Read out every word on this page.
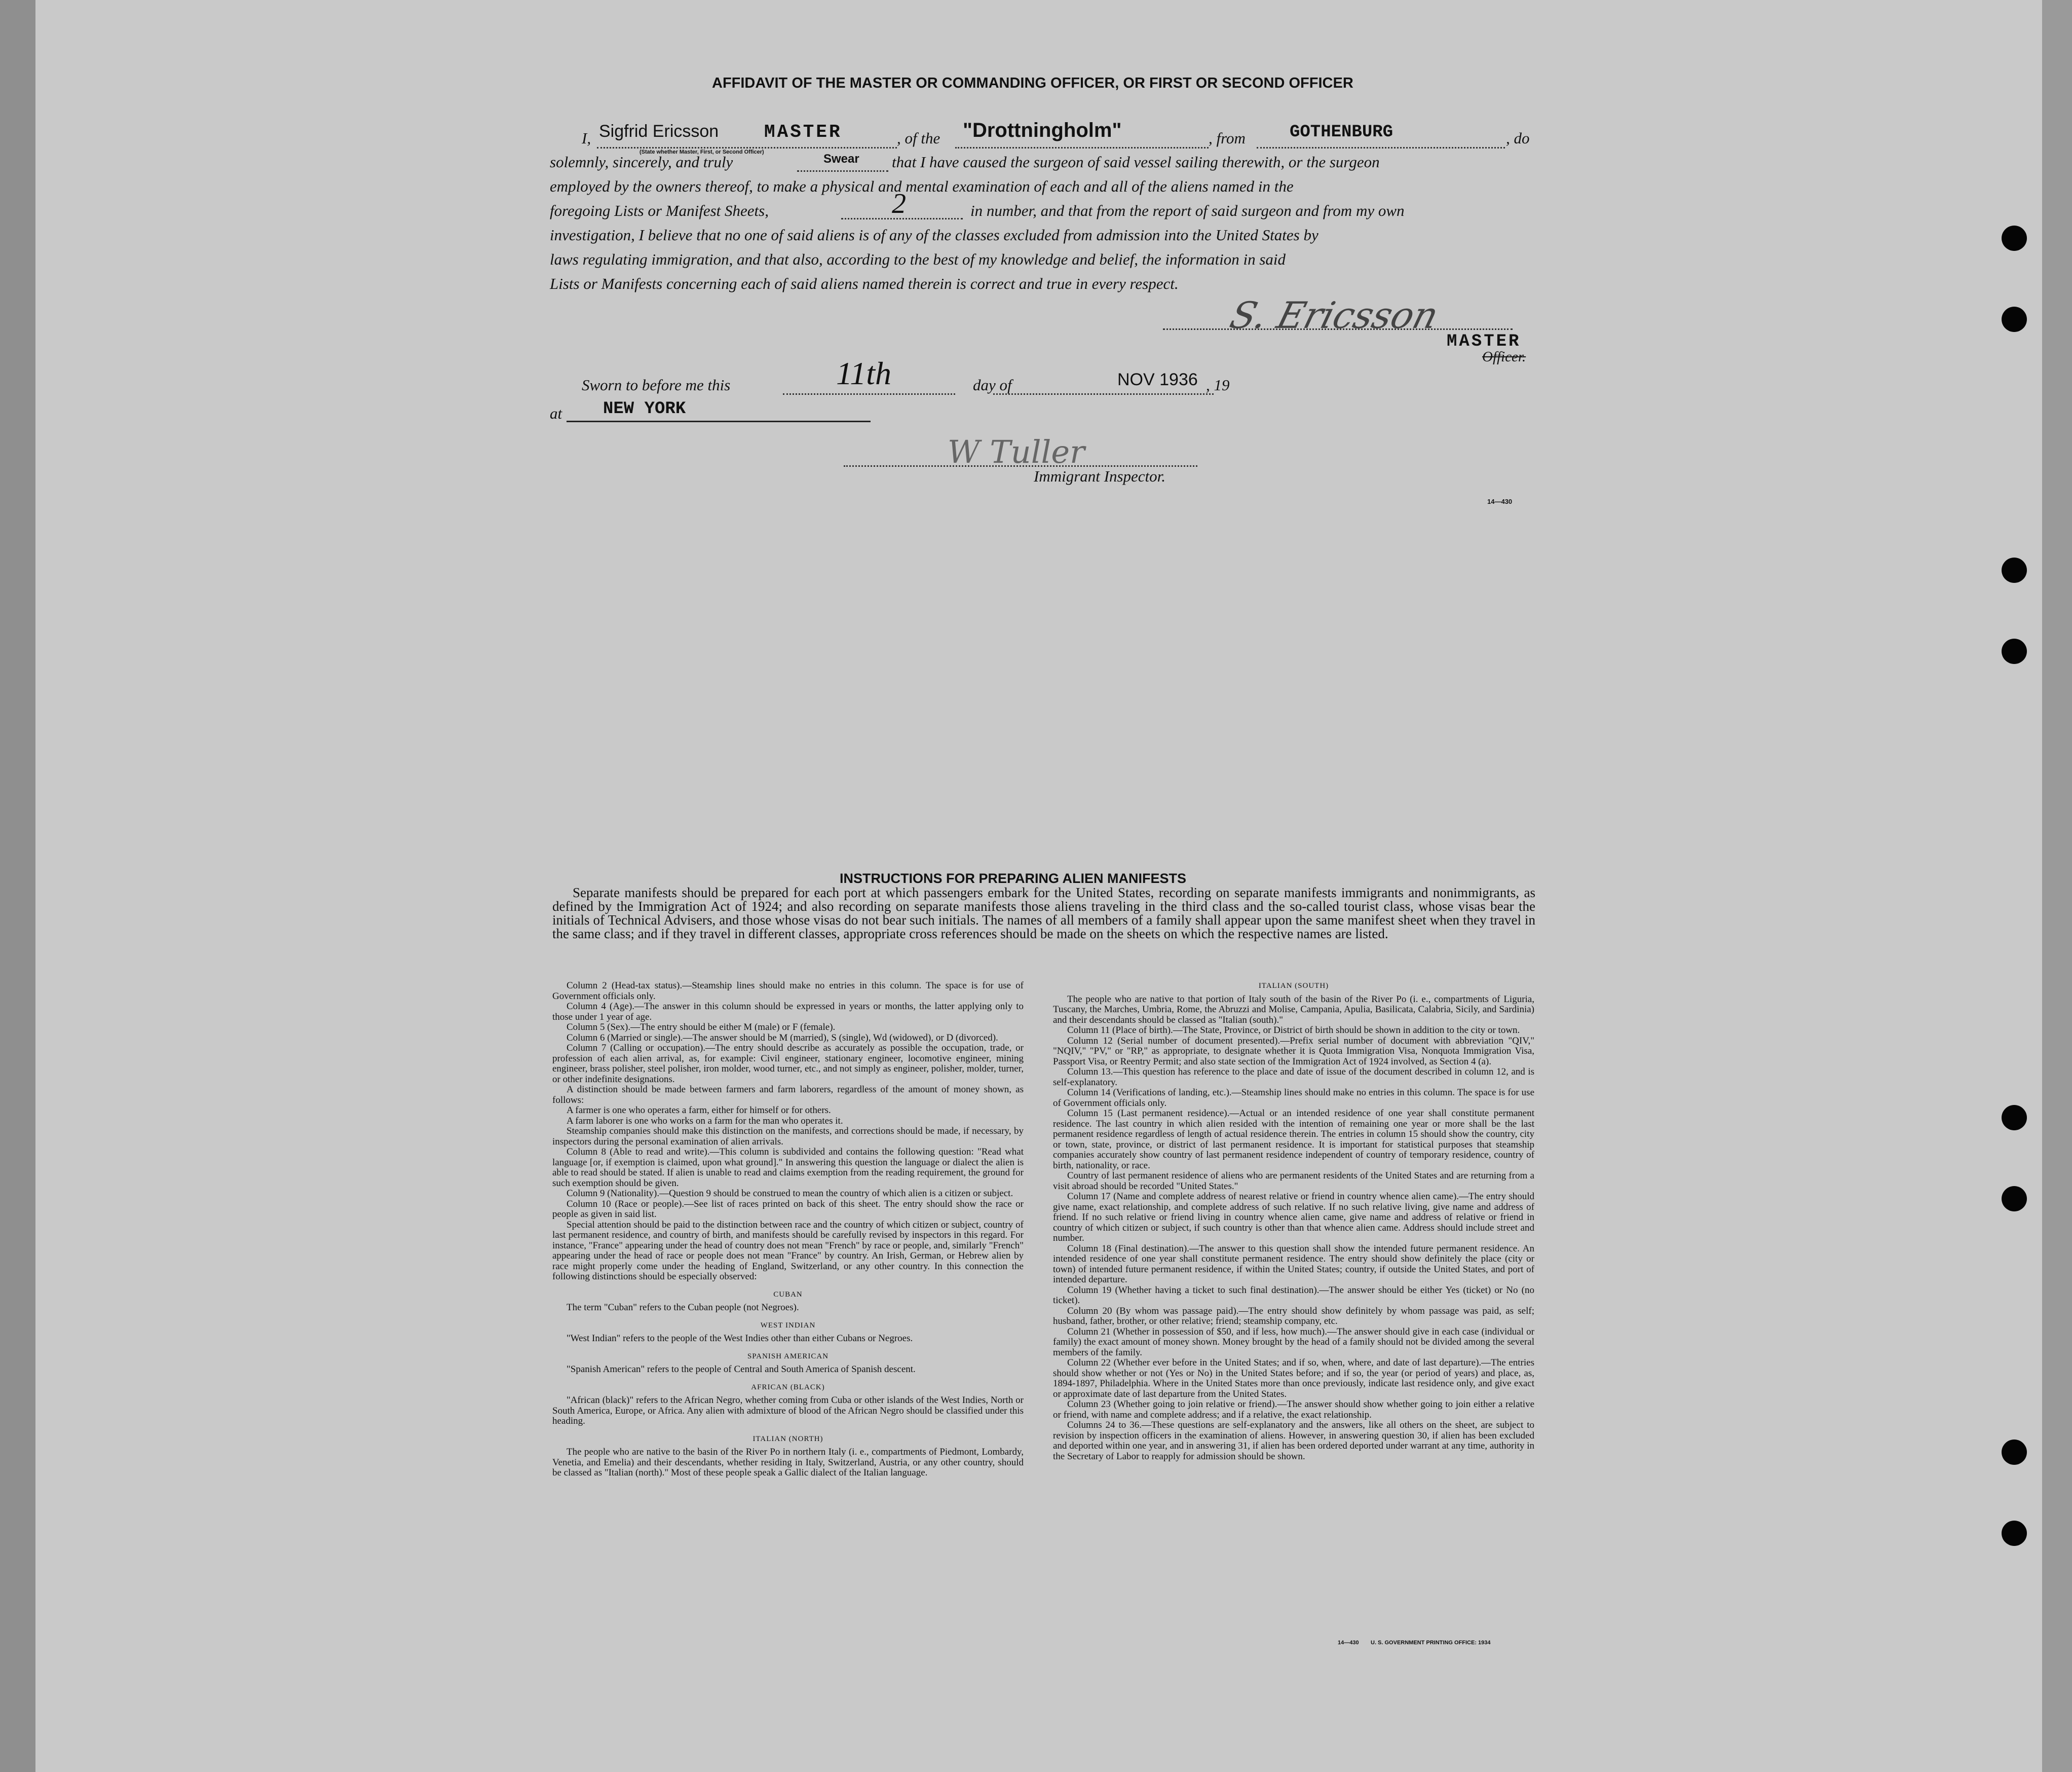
AFFIDAVIT OF THE MASTER OR COMMANDING OFFICER, OR FIRST OR SECOND OFFICER
I, Sigfrid Ericsson MASTER
(State whether Master, First, or Second Officer)
, of the "Drottningholm"	, from	GOTHENBURG	, do
solemnly, sincerely, and truly	Swear that I have caused the surgeon of said vessel sailing therewith, or the surgeon
employed by the owners thereof, to make a physical and mental examination of each and all of the aliens named in the
foregoing Lists or Manifest Sheets,	2	in number, and that from the report of said surgeon and from my own
investigation, I believe that no one of said aliens is of any of the classes excluded from admission into the United States by
laws regulating immigration, and that also, according to the best of my knowledge and belief, the information in said
Lists or Manifests concerning each of said aliens named therein is correct and true in every respect.
S. Ericsson
MASTER
Officer.
Sworn to before me this	11th	day of	NOV 1936 , 19
at NEW YORK
W Tuller
Immigrant Inspector.
14—430
INSTRUCTIONS FOR PREPARING ALIEN MANIFESTS
Separate manifests should be prepared for each port at which passengers embark for the United States, recording on separate manifests immigrants and nonimmigrants, as defined by the Immigration Act of 1924; and also recording on separate manifests those aliens traveling in the third class and the so-called tourist class, whose visas bear the initials of Technical Advisers, and those whose visas do not bear such initials. The names of all members of a family shall appear upon the same manifest sheet when they travel in the same class; and if they travel in different classes, appropriate cross references should be made on the sheets on which the respective names are listed.

Column 2 (Head-tax status).—Steamship lines should make no entries in this column. The space is for use of Government officials only.

Column 4 (Age).—The answer in this column should be expressed in years or months, the latter applying only to those under 1 year of age.

Column 5 (Sex).—The entry should be either M (male) or F (female).

Column 6 (Married or single).—The answer should be M (married), S (single), Wd (widowed), or D (divorced).

Column 7 (Calling or occupation).—The entry should describe as accurately as possible the occupation, trade, or profession of each alien arrival, as, for example: Civil engineer, stationary engineer, locomotive engineer, mining engineer, brass polisher, steel polisher, iron molder, wood turner, etc., and not simply as engineer, polisher, molder, turner, or other indefinite designations.

A distinction should be made between farmers and farm laborers, regardless of the amount of money shown, as follows:

A farmer is one who operates a farm, either for himself or for others.

A farm laborer is one who works on a farm for the man who operates it.

Steamship companies should make this distinction on the manifests, and corrections should be made, if necessary, by inspectors during the personal examination of alien arrivals.

Column 8 (Able to read and write).—This column is subdivided and contains the following question: "Read what language [or, if exemption is claimed, upon what ground]." In answering this question the language or dialect the alien is able to read should be stated. If alien is unable to read and claims exemption from the reading requirement, the ground for such exemption should be given.

Column 9 (Nationality).—Question 9 should be construed to mean the country of which alien is a citizen or subject.

Column 10 (Race or people).—See list of races printed on back of this sheet. The entry should show the race or people as given in said list.

Special attention should be paid to the distinction between race and the country of which citizen or subject, country of last permanent residence, and country of birth, and manifests should be carefully revised by inspectors in this regard. For instance, "France" appearing under the head of country does not mean "French" by race or people, and, similarly "French" appearing under the head of race or people does not mean "France" by country. An Irish, German, or Hebrew alien by race might properly come under the heading of England, Switzerland, or any other country. In this connection the following distinctions should be especially observed:

CUBAN

The term "Cuban" refers to the Cuban people (not Negroes).

WEST INDIAN

"West Indian" refers to the people of the West Indies other than either Cubans or Negroes.

SPANISH AMERICAN

"Spanish American" refers to the people of Central and South America of Spanish descent.

AFRICAN (BLACK)

"African (black)" refers to the African Negro, whether coming from Cuba or other islands of the West Indies, North or South America, Europe, or Africa. Any alien with admixture of blood of the African Negro should be classified under this heading.

ITALIAN (NORTH)

The people who are native to the basin of the River Po in northern Italy (i. e., compartments of Piedmont, Lombardy, Venetia, and Emelia) and their descendants, whether residing in Italy, Switzerland, Austria, or any other country, should be classed as "Italian (north)." Most of these people speak a Gallic dialect of the Italian language.

ITALIAN (SOUTH)

The people who are native to that portion of Italy south of the basin of the River Po (i. e., compartments of Liguria, Tuscany, the Marches, Umbria, Rome, the Abruzzi and Molise, Campania, Apulia, Basilicata, Calabria, Sicily, and Sardinia) and their descendants should be classed as "Italian (south)."

Column 11 (Place of birth).—The State, Province, or District of birth should be shown in addition to the city or town.

Column 12 (Serial number of document presented).—Prefix serial number of document with abbreviation "QIV," "NQIV," "PV," or "RP," as appropriate, to designate whether it is Quota Immigration Visa, Nonquota Immigration Visa, Passport Visa, or Reentry Permit; and also state section of the Immigration Act of 1924 involved, as Section 4 (a).

Column 13.—This question has reference to the place and date of issue of the document described in column 12, and is self-explanatory.

Column 14 (Verifications of landing, etc.).—Steamship lines should make no entries in this column. The space is for use of Government officials only.

Column 15 (Last permanent residence).—Actual or an intended residence of one year shall constitute permanent residence. The last country in which alien resided with the intention of remaining one year or more shall be the last permanent residence regardless of length of actual residence therein. The entries in column 15 should show the country, city or town, state, province, or district of last permanent residence. It is important for statistical purposes that steamship companies accurately show country of last permanent residence independent of country of temporary residence, country of birth, nationality, or race.

Country of last permanent residence of aliens who are permanent residents of the United States and are returning from a visit abroad should be recorded "United States."

Column 17 (Name and complete address of nearest relative or friend in country whence alien came).—The entry should give name, exact relationship, and complete address of such relative. If no such relative living, give name and address of friend. If no such relative or friend living in country whence alien came, give name and address of relative or friend in country of which citizen or subject, if such country is other than that whence alien came. Address should include street and number.

Column 18 (Final destination).—The answer to this question shall show the intended future permanent residence. An intended residence of one year shall constitute permanent residence. The entry should show definitely the place (city or town) of intended future permanent residence, if within the United States; country, if outside the United States, and port of intended departure.

Column 19 (Whether having a ticket to such final destination).—The answer should be either Yes (ticket) or No (no ticket).

Column 20 (By whom was passage paid).—The entry should show definitely by whom passage was paid, as self; husband, father, brother, or other relative; friend; steamship company, etc.

Column 21 (Whether in possession of $50, and if less, how much).—The answer should give in each case (individual or family) the exact amount of money shown. Money brought by the head of a family should not be divided among the several members of the family.

Column 22 (Whether ever before in the United States; and if so, when, where, and date of last departure).—The entries should show whether or not (Yes or No) in the United States before; and if so, the year (or period of years) and place, as, 1894-1897, Philadelphia. Where in the United States more than once previously, indicate last residence only, and give exact or approximate date of last departure from the United States.

Column 23 (Whether going to join relative or friend).—The answer should show whether going to join either a relative or friend, with name and complete address; and if a relative, the exact relationship.

Columns 24 to 36.—These questions are self-explanatory and the answers, like all others on the sheet, are subject to revision by inspection officers in the examination of aliens. However, in answering question 30, if alien has been excluded and deported within one year, and in answering 31, if alien has been ordered deported under warrant at any time, authority in the Secretary of Labor to reapply for admission should be shown.

14—430 U. S. GOVERNMENT PRINTING OFFICE: 1934
